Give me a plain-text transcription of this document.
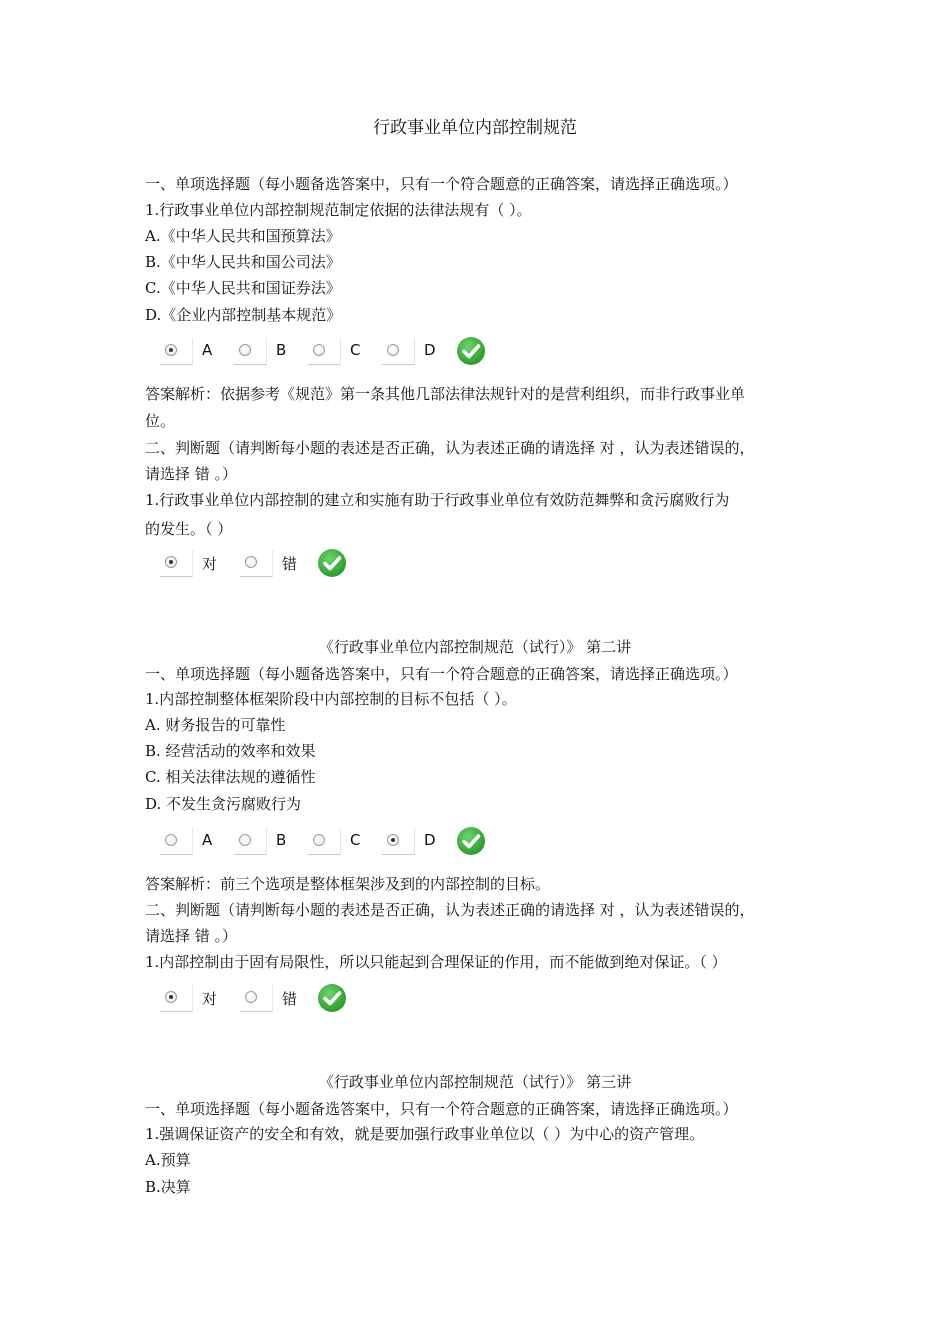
行政事业单位内部控制规范
一、单项选择题（每小题备选答案中，只有一个符合题意的正确答案，请选择正确选项。）
1.行政事业单位内部控制规范制定依据的法律法规有（ ）。
A.《中华人民共和国预算法》
B.《中华人民共和国公司法》
C.《中华人民共和国证券法》
D.《企业内部控制基本规范》
A	B	C	D
答案解析：依据参考《规范》第一条其他几部法律法规针对的是营利组织，而非行政事业单
位。
二、判断题（请判断每小题的表述是否正确，认为表述正确的请选择 对 ，认为表述错误的，
请选择 错 。）
1.行政事业单位内部控制的建立和实施有助于行政事业单位有效防范舞弊和贪污腐败行为
的发生。（ ）
对	错
《行政事业单位内部控制规范（试行）》 第二讲
一、单项选择题（每小题备选答案中，只有一个符合题意的正确答案，请选择正确选项。）
1.内部控制整体框架阶段中内部控制的目标不包括（ ）。
A. 财务报告的可靠性
B. 经营活动的效率和效果
C. 相关法律法规的遵循性
D. 不发生贪污腐败行为
A	B	C	D
答案解析：前三个选项是整体框架涉及到的内部控制的目标。
二、判断题（请判断每小题的表述是否正确，认为表述正确的请选择 对 ，认为表述错误的，
请选择 错 。）
1.内部控制由于固有局限性，所以只能起到合理保证的作用，而不能做到绝对保证。（ ）
对	错
《行政事业单位内部控制规范（试行）》 第三讲
一、单项选择题（每小题备选答案中，只有一个符合题意的正确答案，请选择正确选项。）
1.强调保证资产的安全和有效，就是要加强行政事业单位以（ ）为中心的资产管理。
A.预算
B.决算
